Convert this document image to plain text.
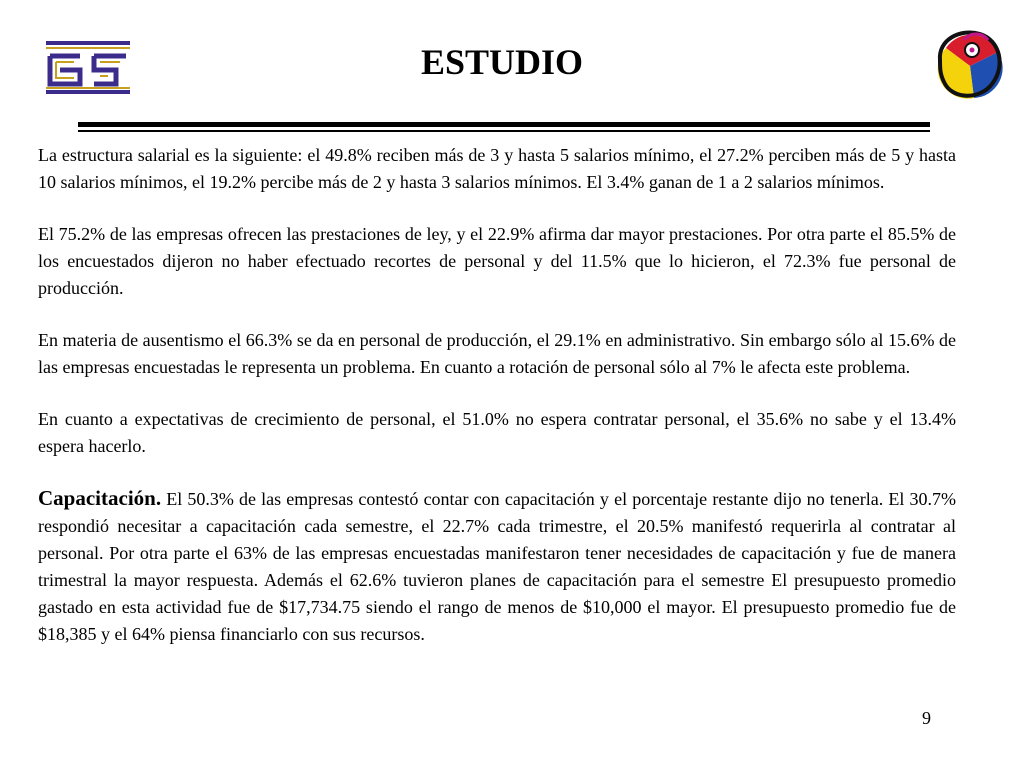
ESTUDIO

La estructura salarial es la siguiente: el 49.8% reciben más de 3 y hasta 5 salarios mínimo, el 27.2% perciben más de 5 y hasta 10 salarios mínimos, el 19.2% percibe más de 2 y hasta 3 salarios mínimos. El 3.4% ganan de 1 a 2 salarios mínimos.

El 75.2% de las empresas ofrecen las prestaciones de ley, y el 22.9% afirma dar mayor prestaciones. Por otra parte el 85.5% de los encuestados dijeron no haber efectuado recortes de personal y del 11.5% que lo hicieron, el 72.3% fue personal de producción.

En materia de ausentismo el 66.3% se da en personal de producción, el 29.1% en administrativo. Sin embargo sólo al 15.6% de las empresas encuestadas le representa un problema. En cuanto a rotación de personal sólo al 7% le afecta este problema.

En cuanto a expectativas de crecimiento de personal, el 51.0% no espera contratar personal, el 35.6% no sabe y el 13.4% espera hacerlo.

Capacitación. El 50.3% de las empresas contestó contar con capacitación y el porcentaje restante dijo no tenerla. El 30.7% respondió necesitar a capacitación cada semestre, el 22.7% cada trimestre, el 20.5% manifestó requerirla al contratar al personal. Por otra parte el 63% de las empresas encuestadas manifestaron tener necesidades de capacitación y fue de manera trimestral la mayor respuesta. Además el 62.6% tuvieron planes de capacitación para el semestre El presupuesto promedio gastado en esta actividad fue de $17,734.75 siendo el rango de menos de $10,000 el mayor. El presupuesto promedio fue de $18,385 y el 64% piensa financiarlo con sus recursos.

9
